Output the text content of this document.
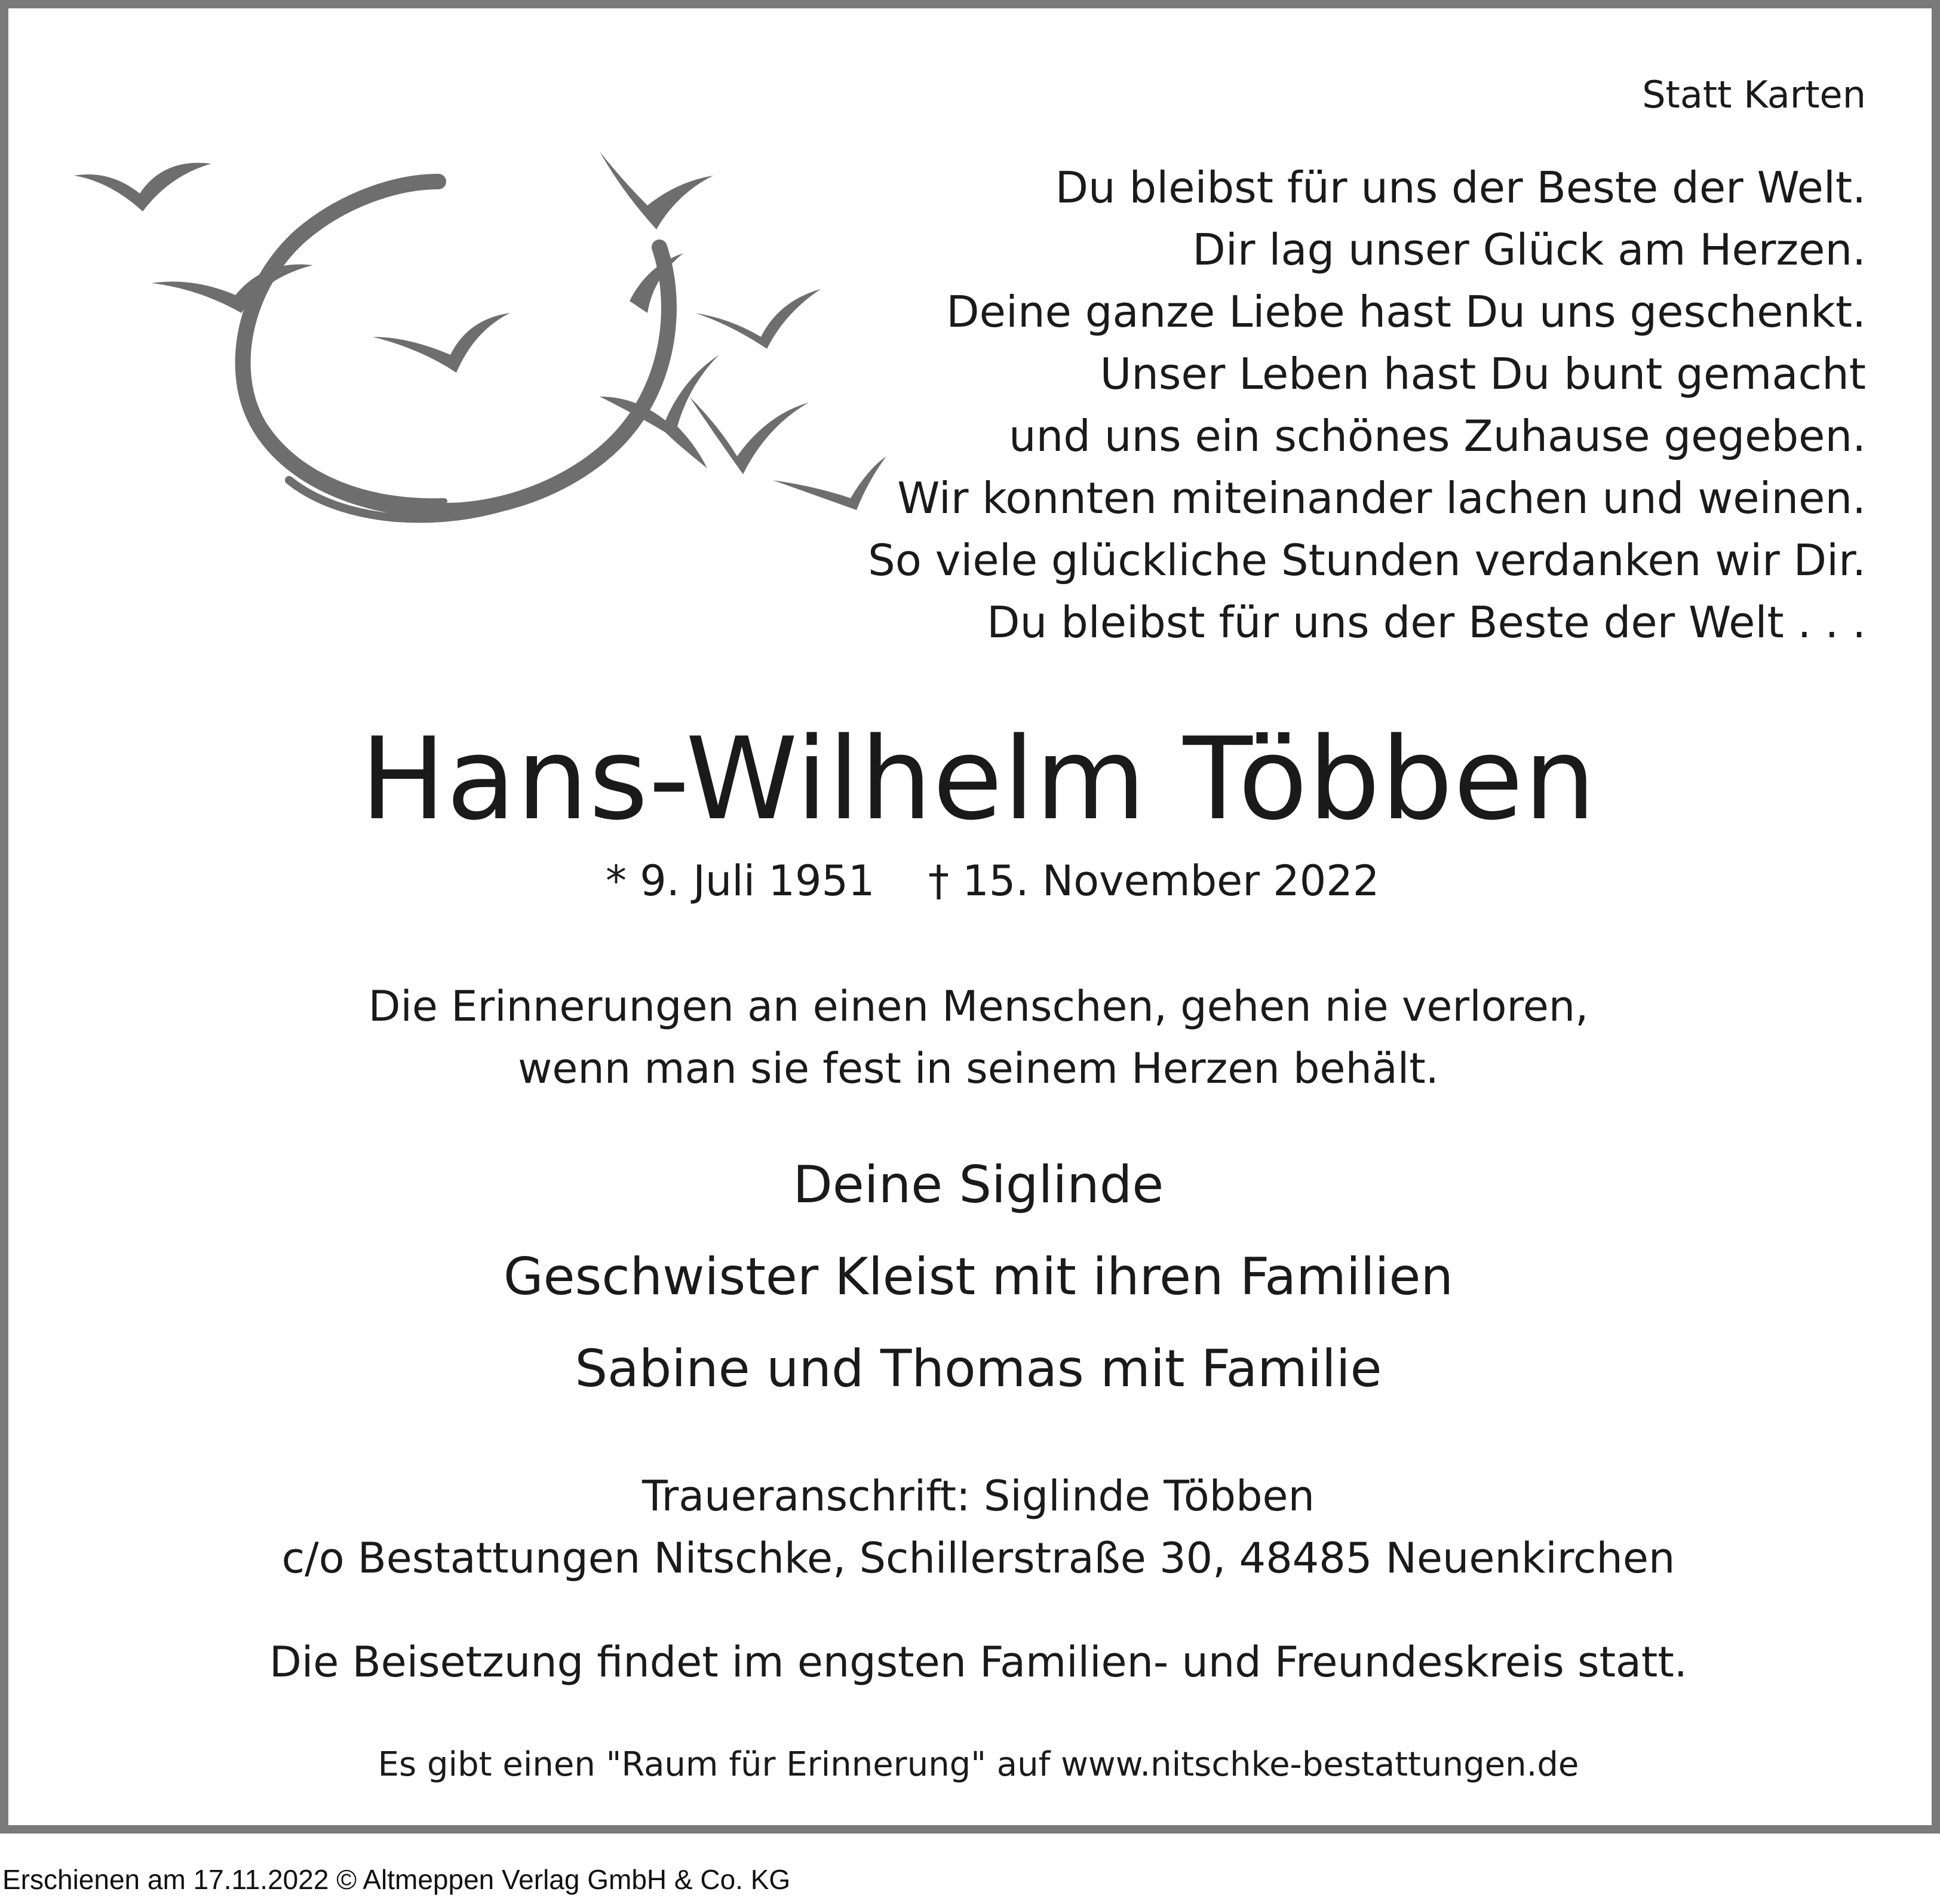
Statt Karten
Du bleibst für uns der Beste der Welt.
Dir lag unser Glück am Herzen.
Deine ganze Liebe hast Du uns geschenkt.
Unser Leben hast Du bunt gemacht
und uns ein schönes Zuhause gegeben.
Wir konnten miteinander lachen und weinen.
So viele glückliche Stunden verdanken wir Dir.
Du bleibst für uns der Beste der Welt . . .
Hans-Wilhelm Többen
* 9. Juli 1951 † 15. November 2022
Die Erinnerungen an einen Menschen, gehen nie verloren,
wenn man sie fest in seinem Herzen behält.
Deine Siglinde
Geschwister Kleist mit ihren Familien
Sabine und Thomas mit Familie
Traueranschrift: Siglinde Többen
c/o Bestattungen Nitschke, Schillerstraße 30, 48485 Neuenkirchen
Die Beisetzung findet im engsten Familien- und Freundeskreis statt.
Es gibt einen "Raum für Erinnerung" auf www.nitschke-bestattungen.de
Erschienen am 17.11.2022 © Altmeppen Verlag GmbH & Co. KG
